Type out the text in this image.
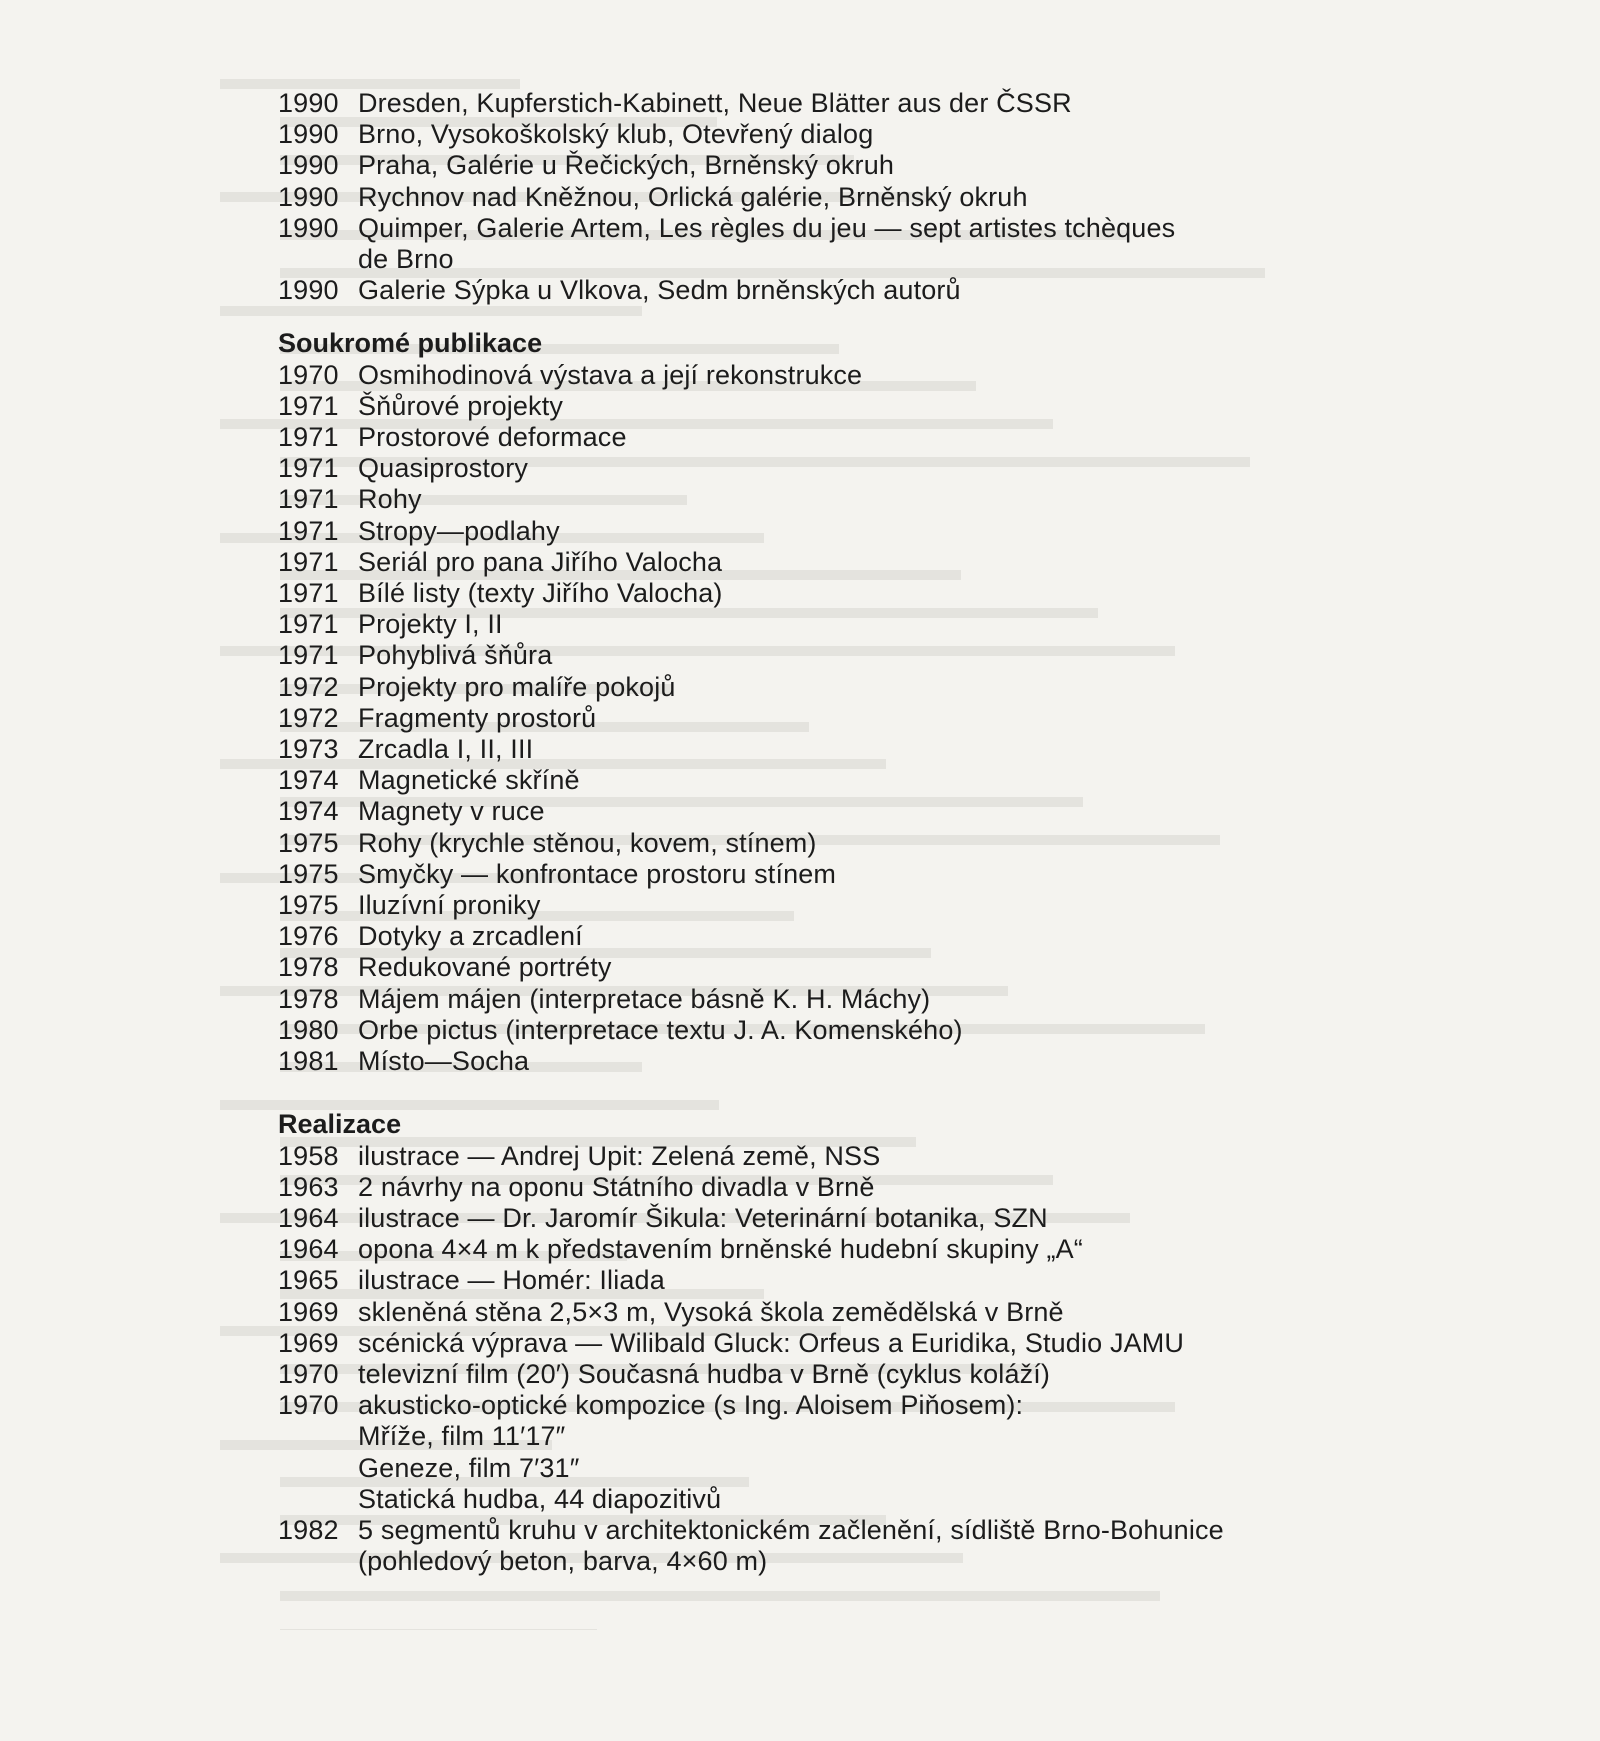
1990 Dresden, Kupferstich-Kabinett, Neue Blätter aus der ČSSR
1990 Brno, Vysokoškolský klub, Otevřený dialog
1990 Praha, Galérie u Řečických, Brněnský okruh
1990 Rychnov nad Kněžnou, Orlická galérie, Brněnský okruh
1990 Quimper, Galerie Artem, Les règles du jeu — sept artistes tchèques
de Brno
1990 Galerie Sýpka u Vlkova, Sedm brněnských autorů
Soukromé publikace
1970 Osmihodinová výstava a její rekonstrukce
1971 Šňůrové projekty
1971 Prostorové deformace
1971 Quasiprostory
1971 Rohy
1971 Stropy—podlahy
1971 Seriál pro pana Jiřího Valocha
1971 Bílé listy (texty Jiřího Valocha)
1971 Projekty I, II
1971 Pohyblivá šňůra
1972 Projekty pro malíře pokojů
1972 Fragmenty prostorů
1973 Zrcadla I, II, III
1974 Magnetické skříně
1974 Magnety v ruce
1975 Rohy (krychle stěnou, kovem, stínem)
1975 Smyčky — konfrontace prostoru stínem
1975 Iluzívní proniky
1976 Dotyky a zrcadlení
1978 Redukované portréty
1978 Májem májen (interpretace básně K. H. Máchy)
1980 Orbe pictus (interpretace textu J. A. Komenského)
1981 Místo—Socha
Realizace
1958 ilustrace — Andrej Upit: Zelená země, NSS
1963 2 návrhy na oponu Státního divadla v Brně
1964 ilustrace — Dr. Jaromír Šikula: Veterinární botanika, SZN
1964 opona 4×4 m k představením brněnské hudební skupiny „A“
1965 ilustrace — Homér: Iliada
1969 skleněná stěna 2,5×3 m, Vysoká škola zemědělská v Brně
1969 scénická výprava — Wilibald Gluck: Orfeus a Euridika, Studio JAMU
1970 televizní film (20′) Současná hudba v Brně (cyklus koláží)
1970 akusticko-optické kompozice (s Ing. Aloisem Piňosem):
Mříže, film 11′17″
Geneze, film 7′31″
Statická hudba, 44 diapozitivů
1982 5 segmentů kruhu v architektonickém začlenění, sídliště Brno-Bohunice
(pohledový beton, barva, 4×60 m)
